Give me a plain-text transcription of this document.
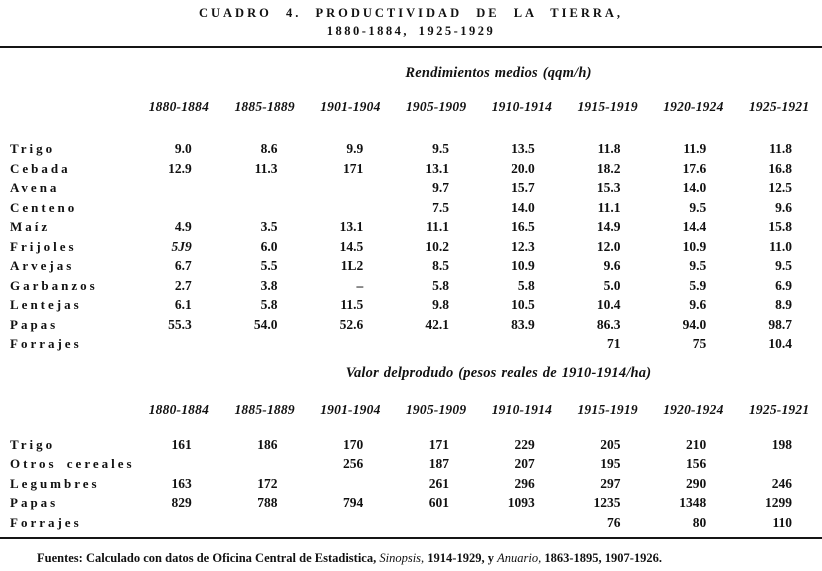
CUADRO 4. PRODUCTIVIDAD DE LA TIERRA,
1880-1884, 1925-1929
Rendimientos medios (qqm/h)
	1880-1884	1885-1889	1901-1904	1905-1909	1910-1914	1915-1919	1920-1924	1925-1921
Trigo	9.0	8.6	9.9	9.5	13.5	11.8	11.9	11.8
Cebada	12.9	11.3	171	13.1	20.0	18.2	17.6	16.8
Avena				9.7	15.7	15.3	14.0	12.5
Centeno				7.5	14.0	11.1	9.5	9.6
Maíz	4.9	3.5	13.1	11.1	16.5	14.9	14.4	15.8
Frijoles	5J9	6.0	14.5	10.2	12.3	12.0	10.9	11.0
Arvejas	6.7	5.5	1L2	8.5	10.9	9.6	9.5	9.5
Garbanzos	2.7	3.8	–	5.8	5.8	5.0	5.9	6.9
Lentejas	6.1	5.8	11.5	9.8	10.5	10.4	9.6	8.9
Papas	55.3	54.0	52.6	42.1	83.9	86.3	94.0	98.7
Forrajes						71	75	10.4
Valor delprodudo (pesos reales de 1910-1914/ha)
	1880-1884	1885-1889	1901-1904	1905-1909	1910-1914	1915-1919	1920-1924	1925-1921
Trigo	161	186	170	171	229	205	210	198
Otros cereales			256	187	207	195	156	
Legumbres	163	172		261	296	297	290	246
Papas	829	788	794	601	1093	1235	1348	1299
Forrajes						76	80	110
Fuentes: Calculado con datos de Oficina Central de Estadistica, Sinopsis, 1914-1929, y Anuario, 1863-1895, 1907-1926.
